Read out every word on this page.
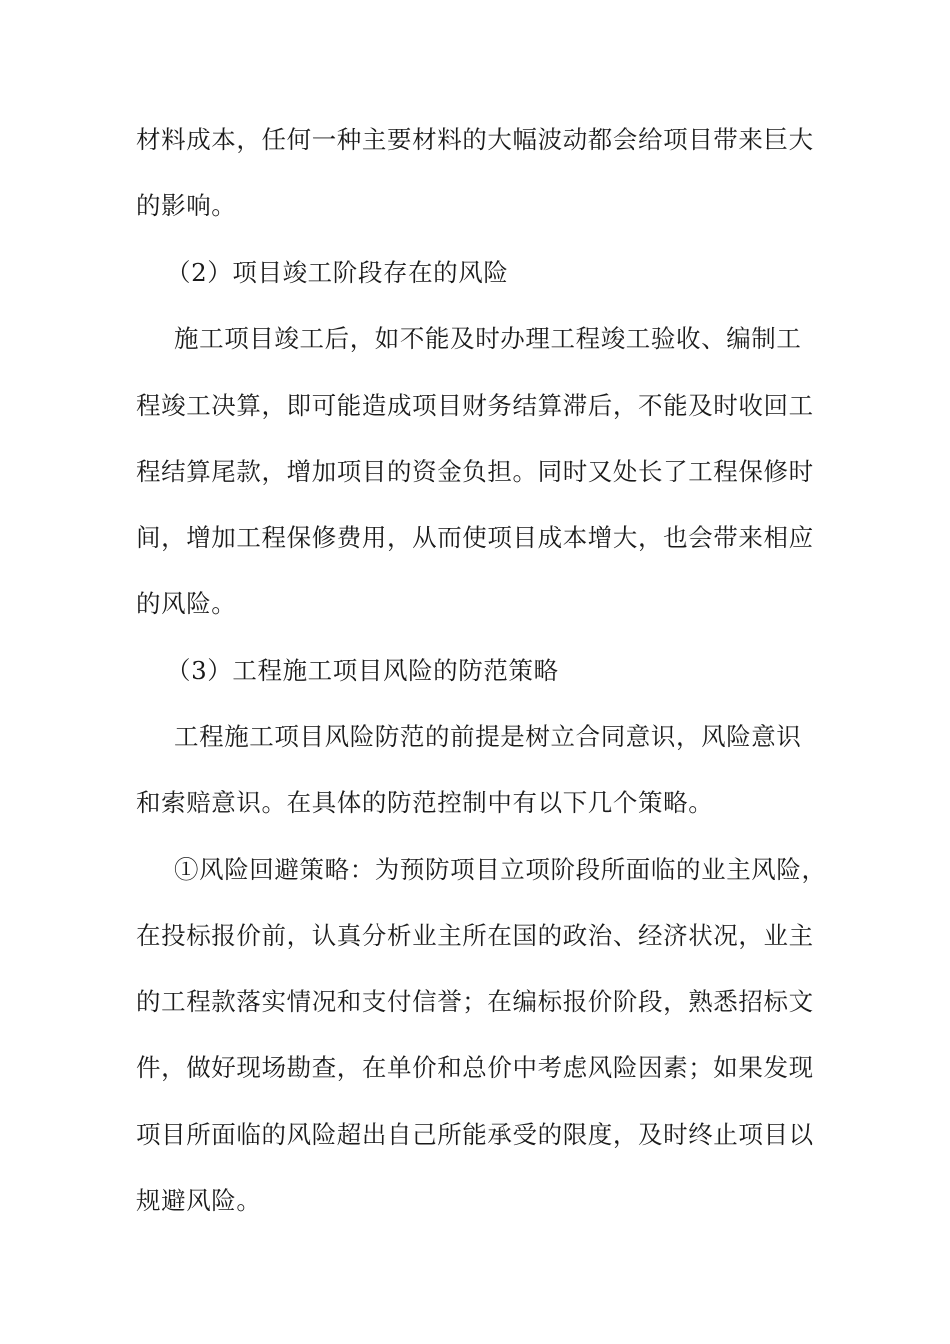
材料成本，任何一种主要材料的大幅波动都会给项目带来巨大
的影响。
（2）项目竣工阶段存在的风险
施工项目竣工后，如不能及时办理工程竣工验收、编制工
程竣工决算，即可能造成项目财务结算滞后，不能及时收回工
程结算尾款，增加项目的资金负担。同时又处长了工程保修时
间，增加工程保修费用，从而使项目成本增大，也会带来相应
的风险。
（3）工程施工项目风险的防范策略
工程施工项目风险防范的前提是树立合同意识，风险意识
和索赔意识。在具体的防范控制中有以下几个策略。
①风险回避策略：为预防项目立项阶段所面临的业主风险，
在投标报价前，认真分析业主所在国的政治、经济状况，业主
的工程款落实情况和支付信誉；在编标报价阶段，熟悉招标文
件，做好现场勘查，在单价和总价中考虑风险因素；如果发现
项目所面临的风险超出自己所能承受的限度，及时终止项目以
规避风险。
